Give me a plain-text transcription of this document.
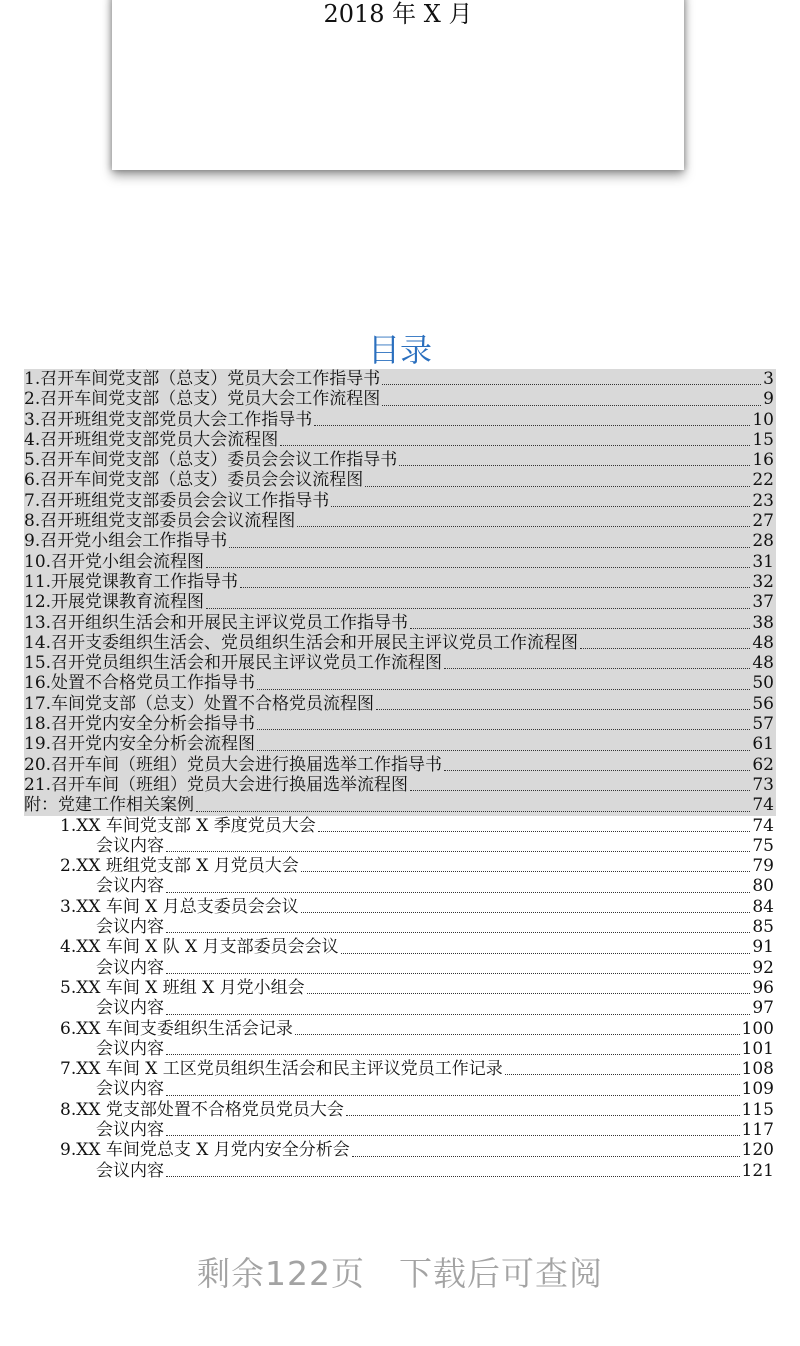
2018 年 X 月
目录
1.召开车间党支部（总支）党员大会工作指导书	3
2.召开车间党支部（总支）党员大会工作流程图	9
3.召开班组党支部党员大会工作指导书	10
4.召开班组党支部党员大会流程图	15
5.召开车间党支部（总支）委员会会议工作指导书	16
6.召开车间党支部（总支）委员会会议流程图	22
7.召开班组党支部委员会会议工作指导书	23
8.召开班组党支部委员会会议流程图	27
9.召开党小组会工作指导书	28
10.召开党小组会流程图	31
11.开展党课教育工作指导书	32
12.开展党课教育流程图	37
13.召开组织生活会和开展民主评议党员工作指导书	38
14.召开支委组织生活会、党员组织生活会和开展民主评议党员工作流程图	48
15.召开党员组织生活会和开展民主评议党员工作流程图	48
16.处置不合格党员工作指导书	50
17.车间党支部（总支）处置不合格党员流程图	56
18.召开党内安全分析会指导书	57
19.召开党内安全分析会流程图	61
20.召开车间（班组）党员大会进行换届选举工作指导书	62
21.召开车间（班组）党员大会进行换届选举流程图	73
附：党建工作相关案例	74
1.XX 车间党支部 X 季度党员大会	74
会议内容	75
2.XX 班组党支部 X 月党员大会	79
会议内容	80
3.XX 车间 X 月总支委员会会议	84
会议内容	85
4.XX 车间 X 队 X 月支部委员会会议	91
会议内容	92
5.XX 车间 X 班组 X 月党小组会	96
会议内容	97
6.XX 车间支委组织生活会记录	100
会议内容	101
7.XX 车间 X 工区党员组织生活会和民主评议党员工作记录	108
会议内容	109
8.XX 党支部处置不合格党员党员大会	115
会议内容	117
9.XX 车间党总支 X 月党内安全分析会	120
会议内容	121
剩余122页 下载后可查阅
